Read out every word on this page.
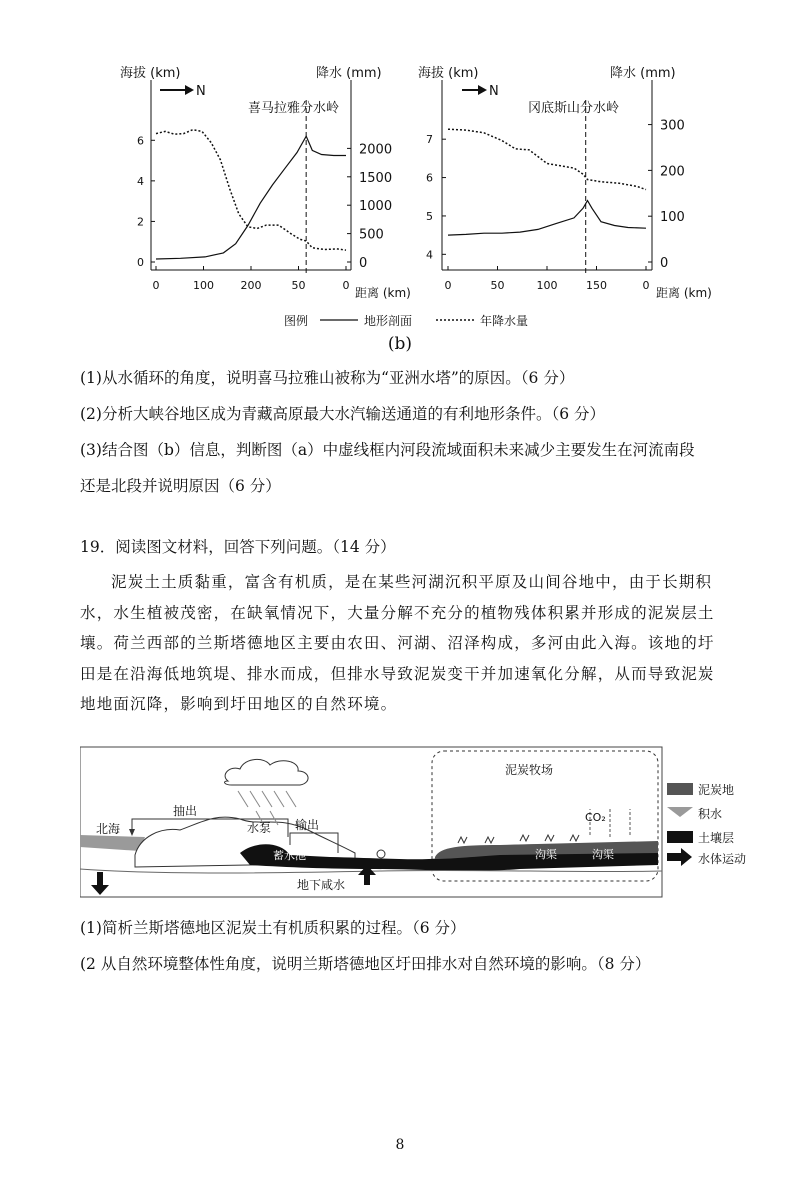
海拔 (km)	降水 (mm)
N
喜马拉雅分水岭
0
2
4
6
0
500
1000
1500
2000
0	100 200	50	0
距离 (km)
海拔 (km)	降水 (mm)
N
冈底斯山分水岭
4
5
6
7
0
100
200
300
0	50	100	150	0
距离 (km)
图例	地形剖面	年降水量
(b)
(1)从水循环的角度，说明喜马拉雅山被称为“亚洲水塔”的原因。（6 分）
(2)分析大峡谷地区成为青藏高原最大水汽输送通道的有利地形条件。（6 分）
(3)结合图（b）信息，判断图（a）中虚线框内河段流域面积未来减少主要发生在河流南段
还是北段并说明原因（6 分）
19．阅读图文材料，回答下列问题。（14 分）
泥炭土土质黏重，富含有机质，是在某些河湖沉积平原及山间谷地中，由于长期积水，水生植被茂密，在缺氧情况下，大量分解不充分的植物残体积累并形成的泥炭层土壤。荷兰西部的兰斯塔德地区主要由农田、河湖、沼泽构成，多河由此入海。该地的圩田是在沿海低地筑堤、排水而成，但排水导致泥炭变干并加速氧化分解，从而导致泥炭地地面沉降，影响到圩田地区的自然环境。
北海
抽出
水泵 输出
蓄水池
泥炭牧场
CO₂
沟渠	沟渠
地下咸水
泥炭地
积水
土壤层
水体运动
(1)简析兰斯塔德地区泥炭土有机质积累的过程。（6 分）
(2 从自然环境整体性角度，说明兰斯塔德地区圩田排水对自然环境的影响。（8 分）
8
